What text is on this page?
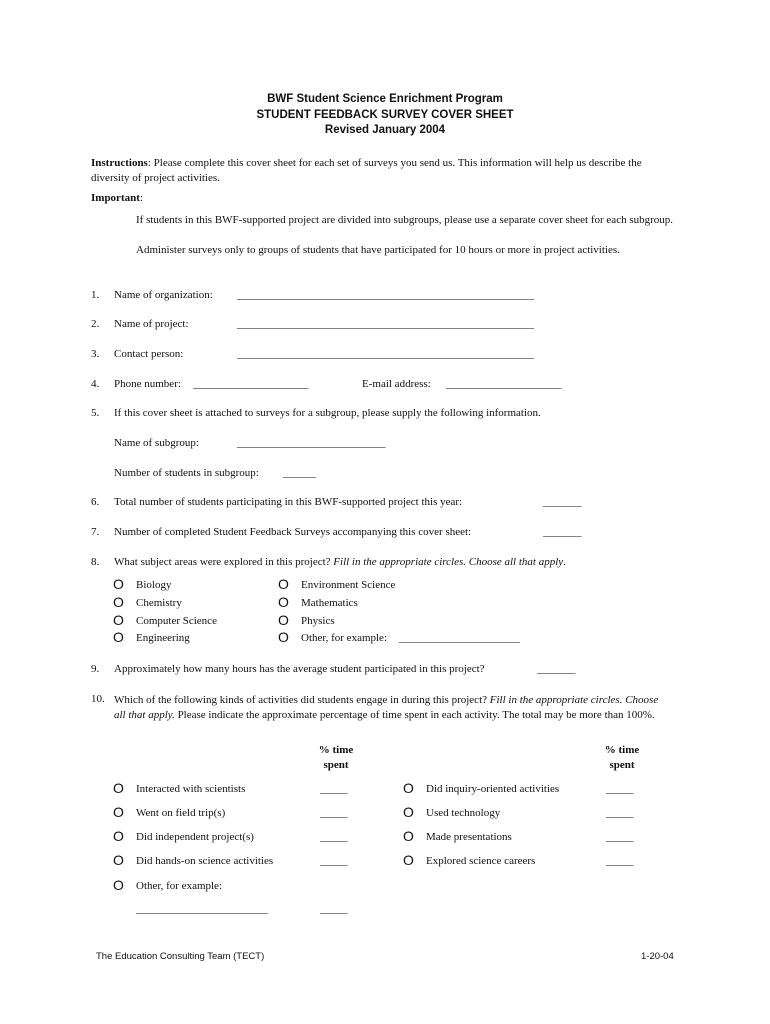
BWF Student Science Enrichment Program
STUDENT FEEDBACK SURVEY COVER SHEET
Revised January 2004
Instructions: Please complete this cover sheet for each set of surveys you send us. This information will help us describe the diversity of project activities.
Important:
If students in this BWF-supported project are divided into subgroups, please use a separate cover sheet for each subgroup.
Administer surveys only to groups of students that have participated for 10 hours or more in project activities.
1. Name of organization: ______________________________________________________
2. Name of project:	______________________________________________________
3. Contact person:	______________________________________________________
4. Phone number: _____________________	E-mail address: _____________________
5. If this cover sheet is attached to surveys for a subgroup, please supply the following information.
Name of subgroup:	___________________________
Number of students in subgroup: ______
6. Total number of students participating in this BWF-supported project this year:	_______
7. Number of completed Student Feedback Surveys accompanying this cover sheet:	_______
8. What subject areas were explored in this project? Fill in the appropriate circles. Choose all that apply.
O Biology
O Chemistry
O Computer Science
O Engineering
O Environment Science
O Mathematics
O Physics
O Other, for example: ______________________
9. Approximately how many hours has the average student participated in this project?	_______
10. Which of the following kinds of activities did students engage in during this project? Fill in the appropriate circles. Choose all that apply. Please indicate the approximate percentage of time spent in each activity. The total may be more than 100%.
% time
spent
% time
spent
O Interacted with scientists	_____
O Went on field trip(s)	_____
O Did independent project(s)	_____
O Did hands-on science activities	_____
O Other, for example:
________________________	_____
O Did inquiry-oriented activities	_____
O Used technology	_____
O Made presentations	_____
O Explored science careers	_____
The Education Consulting Team (TECT)	1-20-04
